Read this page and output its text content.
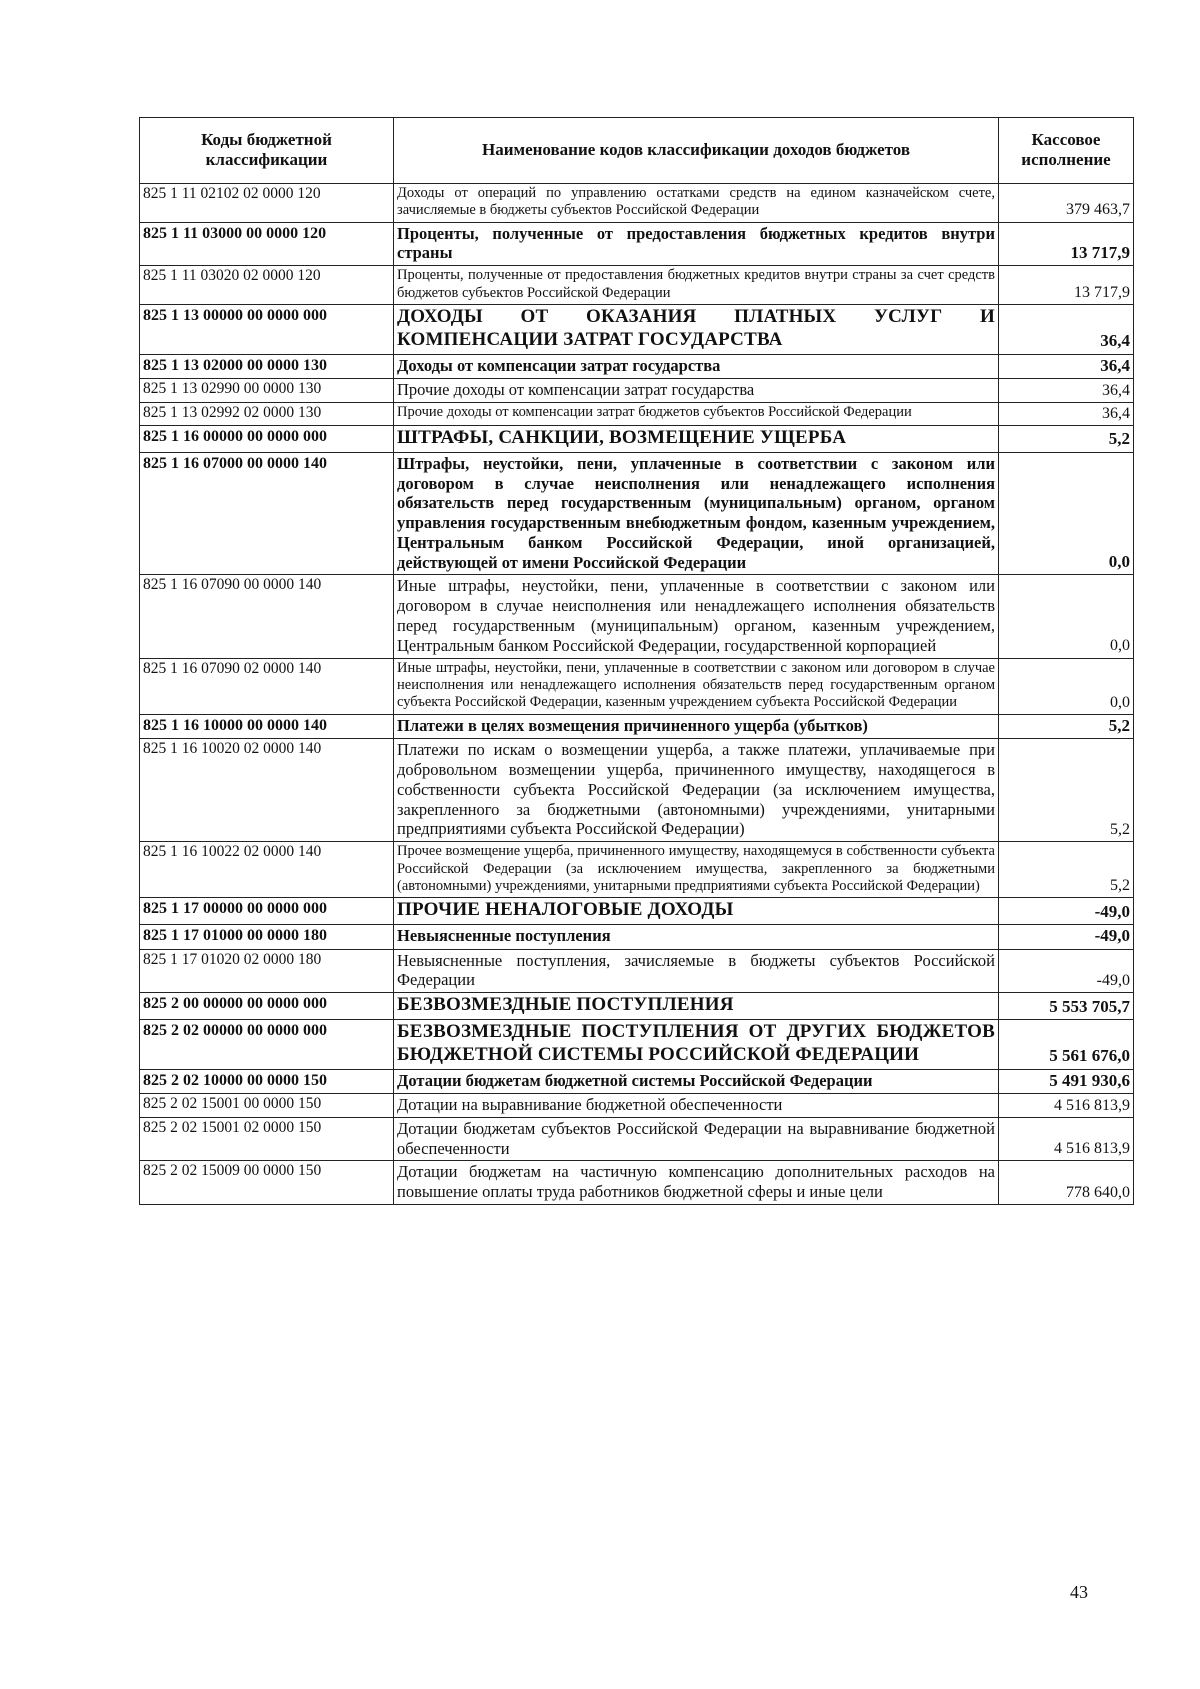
Коды бюджетной классификации	Наименование кодов классификации доходов бюджетов	Кассовое исполнение
825 1 11 02102 02 0000 120	Доходы от операций по управлению остатками средств на едином казначейском счете, зачисляемые в бюджеты субъектов Российской Федерации	379 463,7
825 1 11 03000 00 0000 120	Проценты, полученные от предоставления бюджетных кредитов внутри страны	13 717,9
825 1 11 03020 02 0000 120	Проценты, полученные от предоставления бюджетных кредитов внутри страны за счет средств бюджетов субъектов Российской Федерации	13 717,9
825 1 13 00000 00 0000 000	ДОХОДЫ ОТ ОКАЗАНИЯ ПЛАТНЫХ УСЛУГ И КОМПЕНСАЦИИ ЗАТРАТ ГОСУДАРСТВА	36,4
825 1 13 02000 00 0000 130	Доходы от компенсации затрат государства	36,4
825 1 13 02990 00 0000 130	Прочие доходы от компенсации затрат государства	36,4
825 1 13 02992 02 0000 130	Прочие доходы от компенсации затрат бюджетов субъектов Российской Федерации	36,4
825 1 16 00000 00 0000 000	ШТРАФЫ, САНКЦИИ, ВОЗМЕЩЕНИЕ УЩЕРБА	5,2
825 1 16 07000 00 0000 140	Штрафы, неустойки, пени, уплаченные в соответствии с законом или договором в случае неисполнения или ненадлежащего исполнения обязательств перед государственным (муниципальным) органом, органом управления государственным внебюджетным фондом, казенным учреждением, Центральным банком Российской Федерации, иной организацией, действующей от имени Российской Федерации	0,0
825 1 16 07090 00 0000 140	Иные штрафы, неустойки, пени, уплаченные в соответствии с законом или договором в случае неисполнения или ненадлежащего исполнения обязательств перед государственным (муниципальным) органом, казенным учреждением, Центральным банком Российской Федерации, государственной корпорацией	0,0
825 1 16 07090 02 0000 140	Иные штрафы, неустойки, пени, уплаченные в соответствии с законом или договором в случае неисполнения или ненадлежащего исполнения обязательств перед государственным органом субъекта Российской Федерации, казенным учреждением субъекта Российской Федерации	0,0
825 1 16 10000 00 0000 140	Платежи в целях возмещения причиненного ущерба (убытков)	5,2
825 1 16 10020 02 0000 140	Платежи по искам о возмещении ущерба, а также платежи, уплачиваемые при добровольном возмещении ущерба, причиненного имуществу, находящегося в собственности субъекта Российской Федерации (за исключением имущества, закрепленного за бюджетными (автономными) учреждениями, унитарными предприятиями субъекта Российской Федерации)	5,2
825 1 16 10022 02 0000 140	Прочее возмещение ущерба, причиненного имуществу, находящемуся в собственности субъекта Российской Федерации (за исключением имущества, закрепленного за бюджетными (автономными) учреждениями, унитарными предприятиями субъекта Российской Федерации)	5,2
825 1 17 00000 00 0000 000	ПРОЧИЕ НЕНАЛОГОВЫЕ ДОХОДЫ	-49,0
825 1 17 01000 00 0000 180	Невыясненные поступления	-49,0
825 1 17 01020 02 0000 180	Невыясненные поступления, зачисляемые в бюджеты субъектов Российской Федерации	-49,0
825 2 00 00000 00 0000 000	БЕЗВОЗМЕЗДНЫЕ ПОСТУПЛЕНИЯ	5 553 705,7
825 2 02 00000 00 0000 000	БЕЗВОЗМЕЗДНЫЕ ПОСТУПЛЕНИЯ ОТ ДРУГИХ БЮДЖЕТОВ БЮДЖЕТНОЙ СИСТЕМЫ РОССИЙСКОЙ ФЕДЕРАЦИИ	5 561 676,0
825 2 02 10000 00 0000 150	Дотации бюджетам бюджетной системы Российской Федерации	5 491 930,6
825 2 02 15001 00 0000 150	Дотации на выравнивание бюджетной обеспеченности	4 516 813,9
825 2 02 15001 02 0000 150	Дотации бюджетам субъектов Российской Федерации на выравнивание бюджетной обеспеченности	4 516 813,9
825 2 02 15009 00 0000 150	Дотации бюджетам на частичную компенсацию дополнительных расходов на повышение оплаты труда работников бюджетной сферы и иные цели	778 640,0
43
